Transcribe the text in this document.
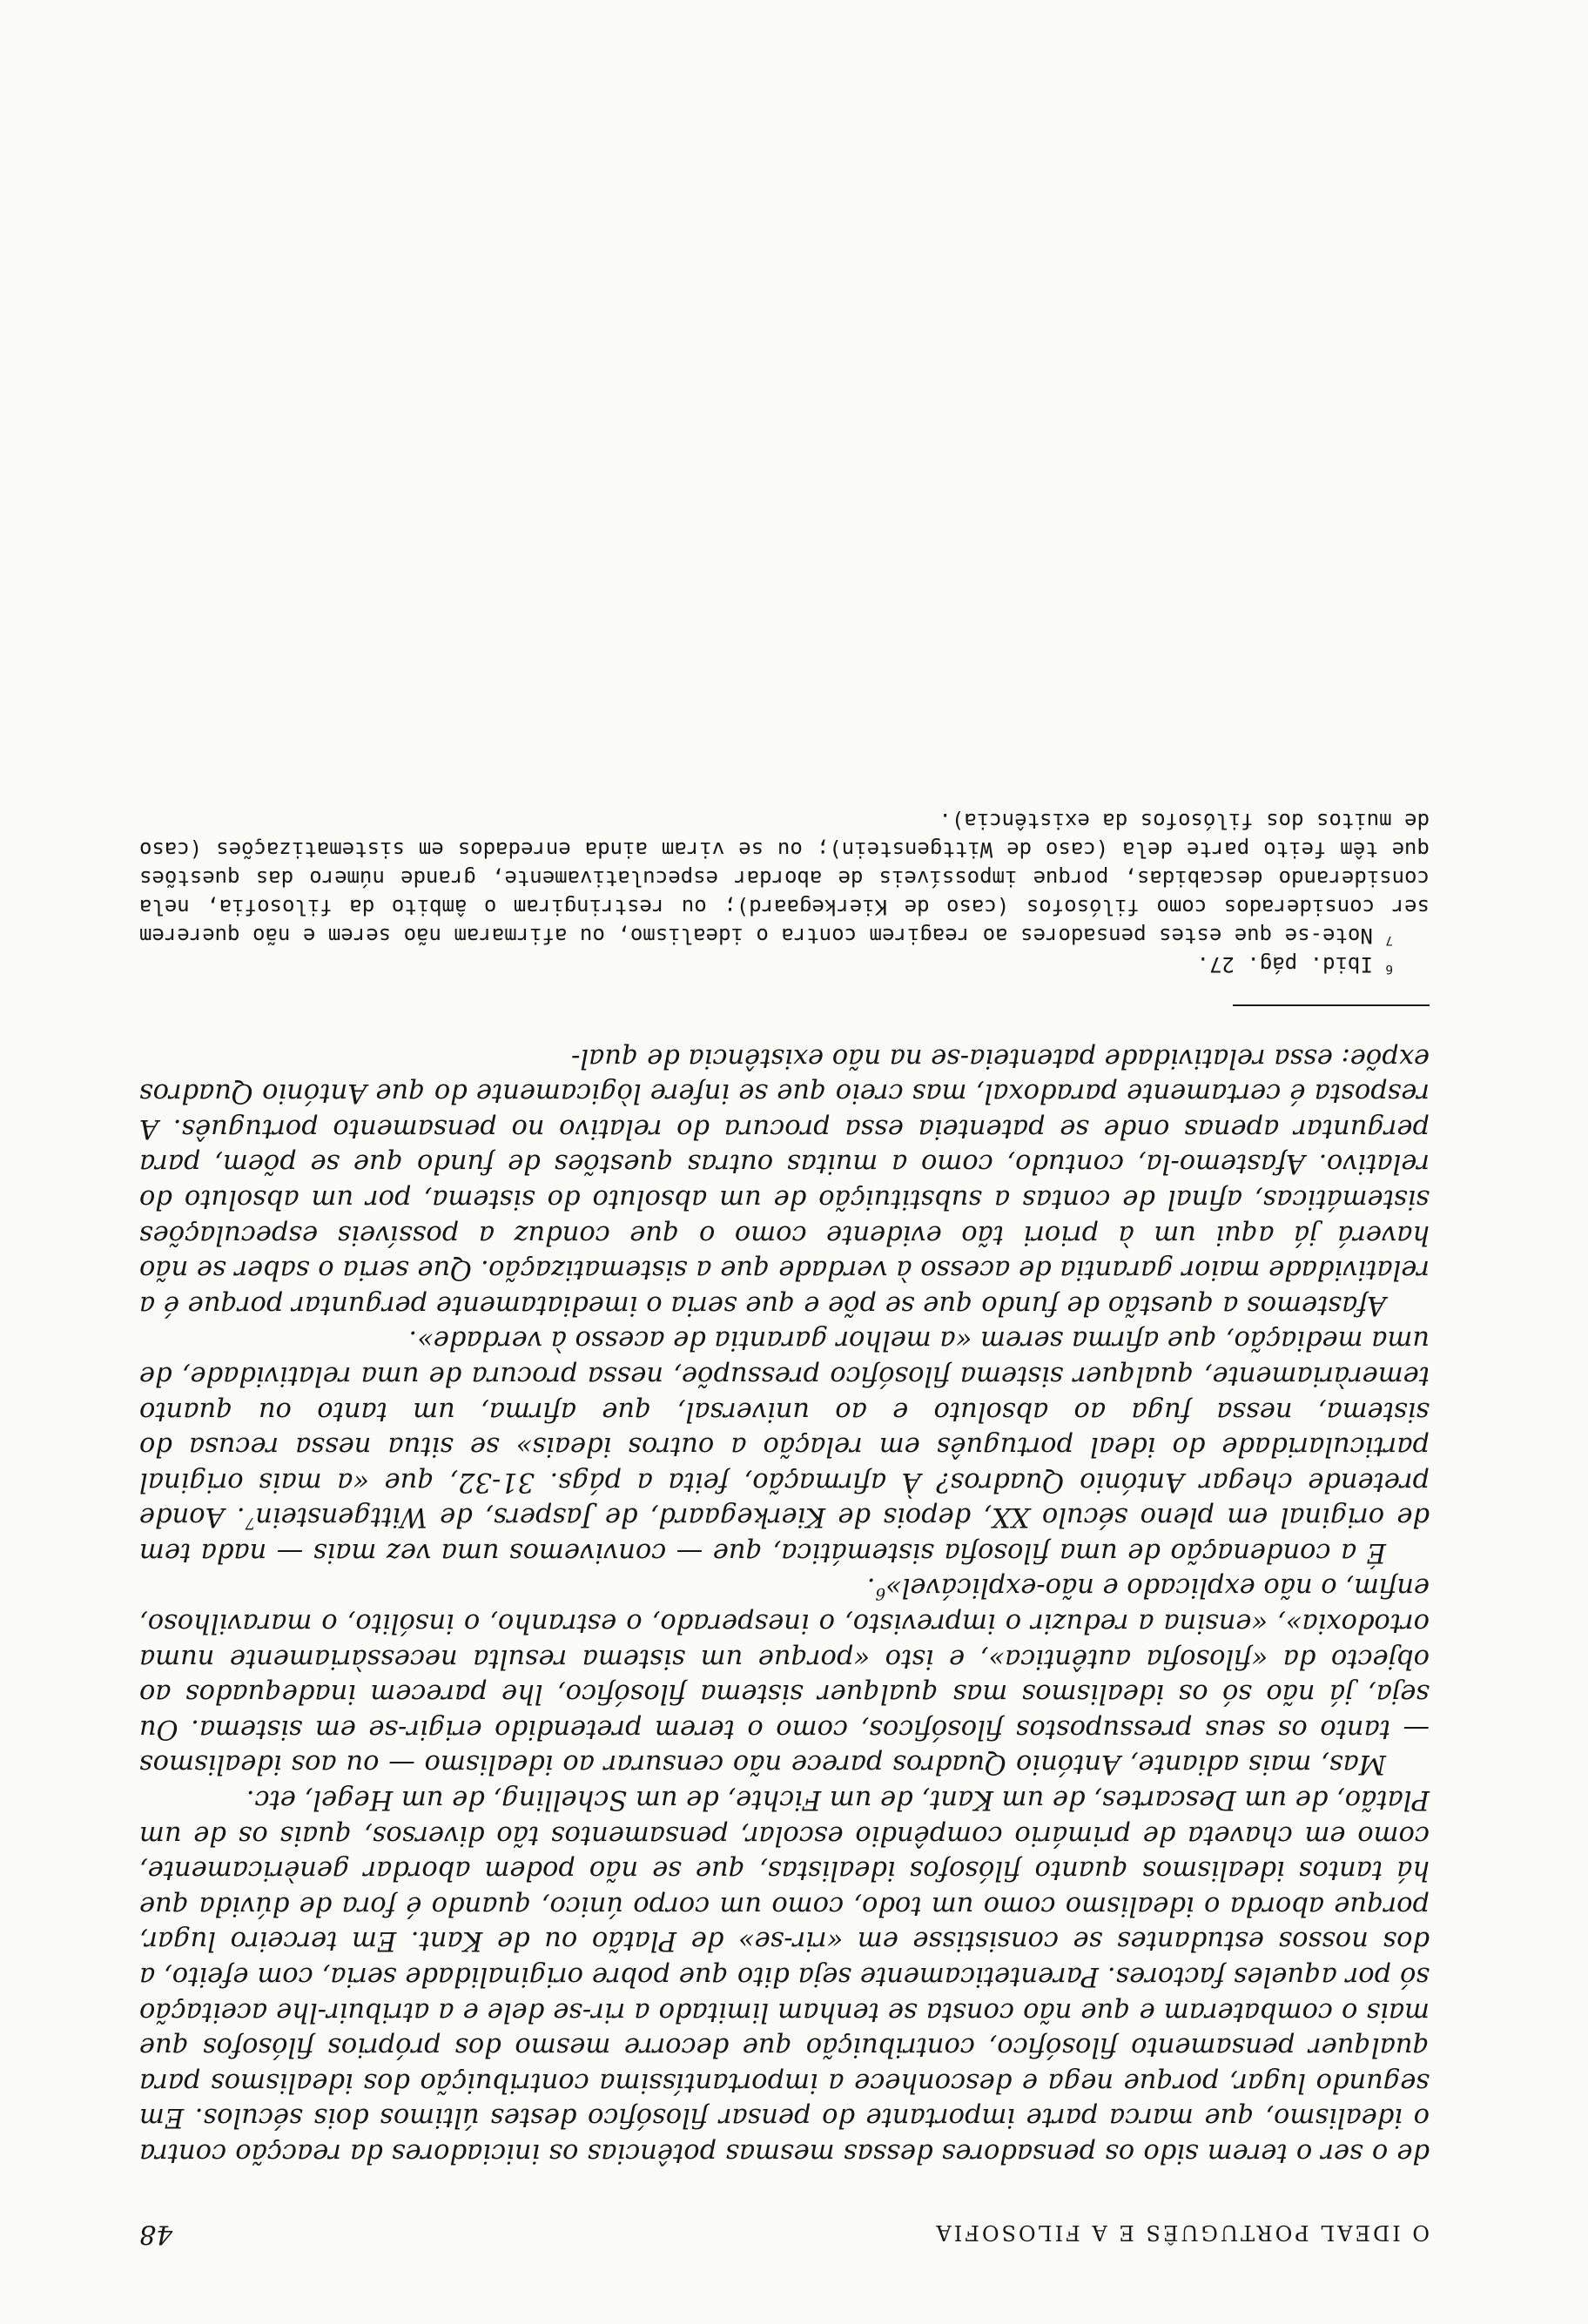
O IDEAL PORTUGUÊS E A FILOSOFIA
48

de o ser o terem sido os pensadores dessas mesmas potências os iniciadores da reacção contra o idealismo, que marca parte importante do pensar filosófico destes últimos dois séculos. Em segundo lugar, porque nega e desconhece a importantíssima contribuição dos idealismos para qualquer pensamento filosófico, contribuição que decorre mesmo dos próprios filósofos que mais o combateram e que não consta se tenham limitado a rir-se dele e a atribuir-lhe aceitação só por aqueles factores. Parenteticamente seja dito que pobre originalidade seria, com efeito, a dos nossos estudantes se consistisse em «rir-se» de Platão ou de Kant. Em terceiro lugar, porque aborda o idealismo como um todo, como um corpo único, quando é fora de dúvida que há tantos idealismos quanto filósofos idealistas, que se não podem abordar genèricamente, como em chaveta de primário compêndio escolar, pensamentos tão diversos, quais os de um Platão, de um Descartes, de um Kant, de um Fichte, de um Schelling, de um Hegel, etc.

Mas, mais adiante, António Quadros parece não censurar ao idealismo — ou aos idealismos — tanto os seus pressupostos filosóficos, como o terem pretendido erigir-se em sistema. Ou seja, já não só os idealismos mas qualquer sistema filosófico, lhe parecem inadequados ao objecto da «filosofia autêntica», e isto «porque um sistema resulta necessàriamente numa ortodoxia», «ensina a reduzir o imprevisto, o inesperado, o estranho, o insólito, o maravilhoso, enfim, o não explicado e não-explicável»$^6$.

É a condenação de uma filosofia sistemática, que — convivemos uma vez mais — nada tem de original em pleno século XX, depois de Kierkegaard, de Jaspers, de Wittgenstein$^7$. Aonde pretende chegar António Quadros? À afirmação, feita a págs. 31-32, que «a mais original particularidade do ideal português em relação a outros ideais» se situa nessa recusa do sistema, nessa fuga ao absoluto e ao universal, que afirma, um tanto ou quanto temeràriamente, qualquer sistema filosófico pressupõe, nessa procura de uma relatividade, de uma mediação, que afirma serem «a melhor garantia de acesso à verdade».

Afastemos a questão de fundo que se põe e que seria o imediatamente perguntar porque é a relatividade maior garantia de acesso à verdade que a sistematização. Que seria o saber se não haverá já aqui um à priori tão evidente como o que conduz a possíveis especulações sistemáticas, afinal de contas a substituição de um absoluto do sistema, por um absoluto do relativo. Afastemo-la, contudo, como a muitas outras questões de fundo que se põem, para perguntar apenas onde se patenteia essa procura do relativo no pensamento português. A resposta é certamente paradoxal, mas creio que se infere lògicamente do que António Quadros expõe: essa relatividade patenteia-se na não existência de qual-

$^6$ Ibid. pág. 27.

$^7$ Note-se que estes pensadores ao reagirem contra o idealismo, ou afirmaram não serem e não quererem ser considerados como filósofos (caso de Kierkegaard); ou restringiram o âmbito da filosofia, nela considerando descabidas, porque impossíveis de abordar especulativamente, grande número das questões que têm feito parte dela (caso de Wittgenstein); ou se viram ainda enredados em sistematizações (caso de muitos dos filósofos da existência).
